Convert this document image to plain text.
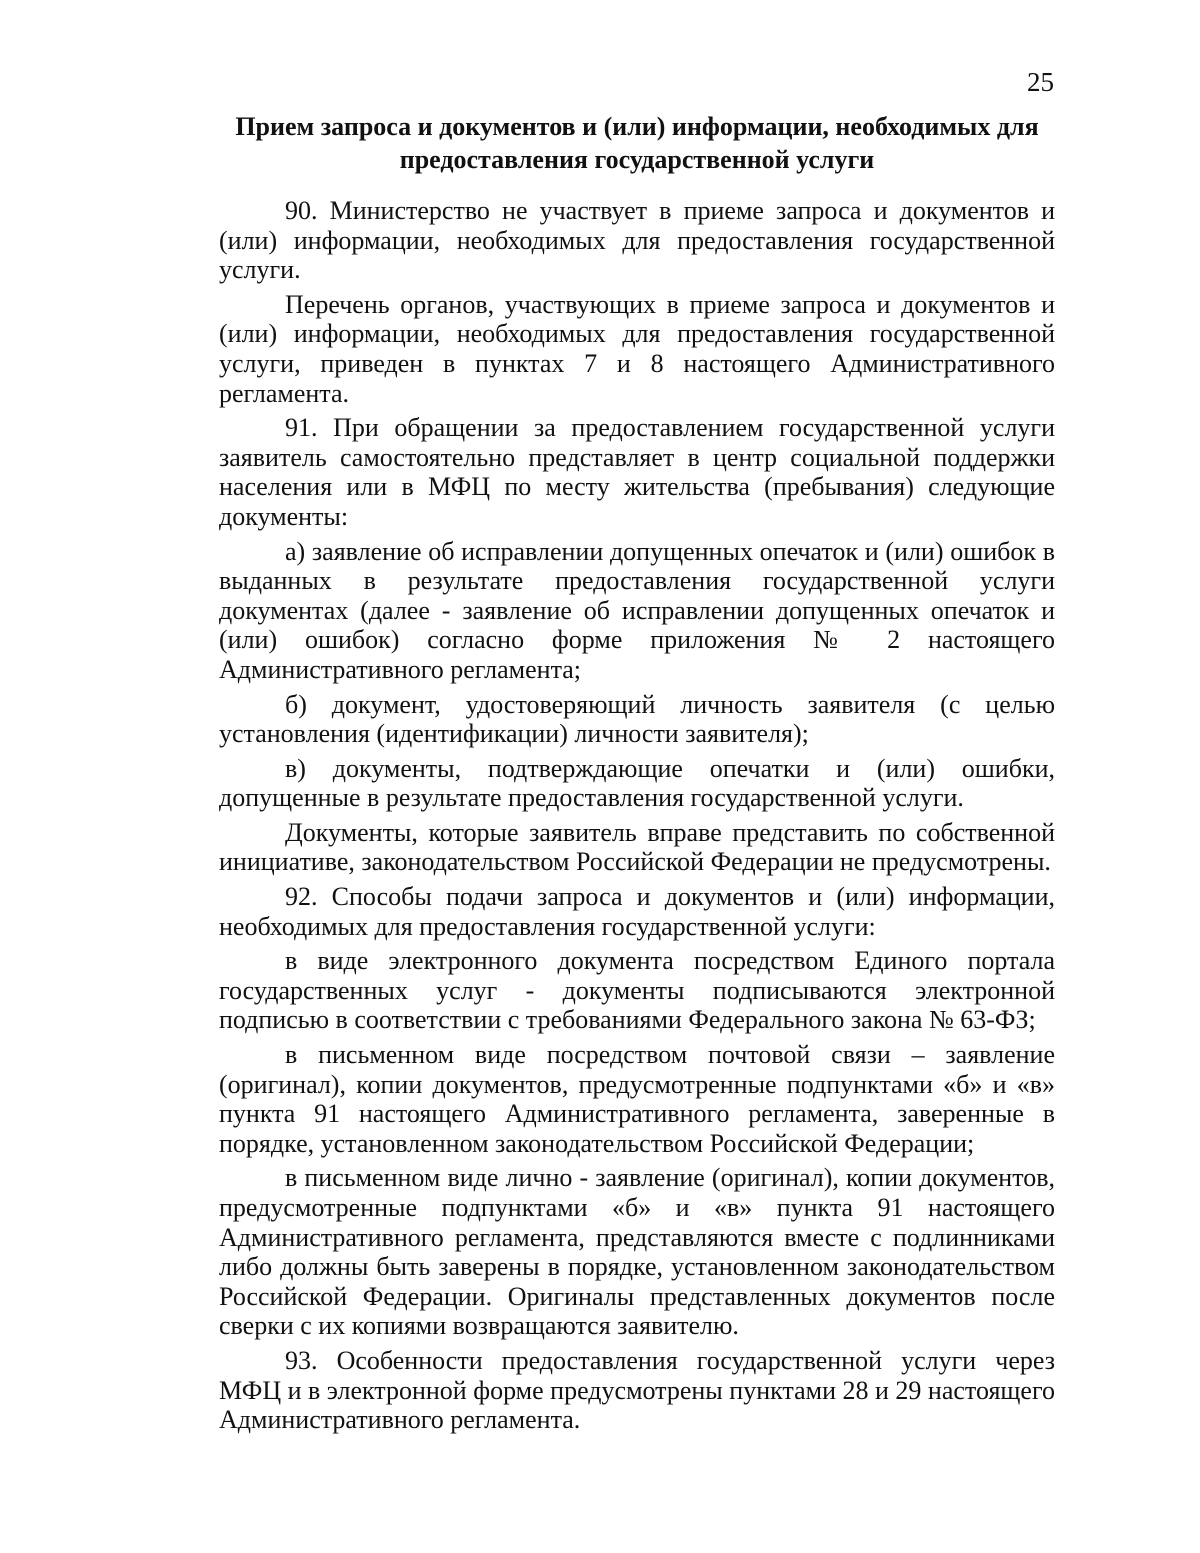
25
Прием запроса и документов и (или) информации, необходимых для предоставления государственной услуги

90. Министерство не участвует в приеме запроса и документов и (или) информации, необходимых для предоставления государственной услуги.

Перечень органов, участвующих в приеме запроса и документов и (или) информации, необходимых для предоставления государственной услуги, приведен в пунктах 7 и 8 настоящего Административного регламента.

91. При обращении за предоставлением государственной услуги заявитель самостоятельно представляет в центр социальной поддержки населения или в МФЦ по месту жительства (пребывания) следующие документы:

а) заявление об исправлении допущенных опечаток и (или) ошибок в выданных в результате предоставления государственной услуги документах (далее - заявление об исправлении допущенных опечаток и (или) ошибок) согласно форме приложения № 2 настоящего Административного регламента;

б) документ, удостоверяющий личность заявителя (с целью установления (идентификации) личности заявителя);

в) документы, подтверждающие опечатки и (или) ошибки, допущенные в результате предоставления государственной услуги.

Документы, которые заявитель вправе представить по собственной инициативе, законодательством Российской Федерации не предусмотрены.

92. Способы подачи запроса и документов и (или) информации, необходимых для предоставления государственной услуги:

в виде электронного документа посредством Единого портала государственных услуг - документы подписываются электронной подписью в соответствии с требованиями Федерального закона № 63-ФЗ;

в письменном виде посредством почтовой связи – заявление (оригинал), копии документов, предусмотренные подпунктами «б» и «в» пункта 91 настоящего Административного регламента, заверенные в порядке, установленном законодательством Российской Федерации;

в письменном виде лично - заявление (оригинал), копии документов, предусмотренные подпунктами «б» и «в» пункта 91 настоящего Административного регламента, представляются вместе с подлинниками либо должны быть заверены в порядке, установленном законодательством Российской Федерации. Оригиналы представленных документов после сверки с их копиями возвращаются заявителю.

93. Особенности предоставления государственной услуги через МФЦ и в электронной форме предусмотрены пунктами 28 и 29 настоящего Административного регламента.
